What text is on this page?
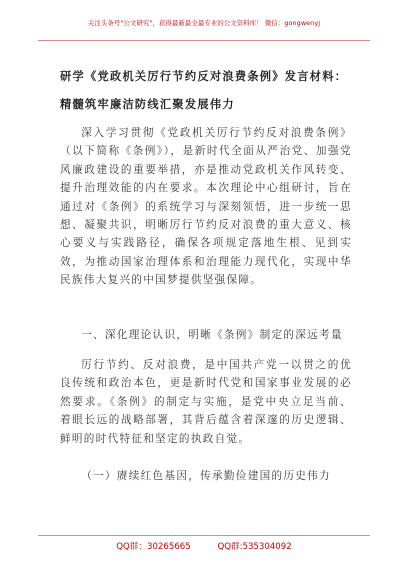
关注头条号"公文研究"，获得最新最全最专业的公文资料库！ 微信：gongwenyj
研学《党政机关厉行节约反对浪费条例》发言材料：精髓筑牢廉洁防线汇聚发展伟力
深入学习贯彻《党政机关厉行节约反对浪费条例》（以下简称《条例》），是新时代全面从严治党、加强党风廉政建设的重要举措，亦是推动党政机关作风转变、提升治理效能的内在要求。本次理论中心组研讨，旨在通过对《条例》的系统学习与深刻领悟，进一步统一思想、凝聚共识，明晰厉行节约反对浪费的重大意义、核心要义与实践路径，确保各项规定落地生根、见到实效，为推动国家治理体系和治理能力现代化，实现中华民族伟大复兴的中国梦提供坚强保障。
一、深化理论认识，明晰《条例》制定的深远考量
厉行节约、反对浪费，是中国共产党一以贯之的优良传统和政治本色，更是新时代党和国家事业发展的必然要求。《条例》的制定与实施，是党中央立足当前、着眼长远的战略部署，其背后蕴含着深邃的历史逻辑、鲜明的时代特征和坚定的执政自觉。
（一）赓续红色基因，传承勤俭建国的历史伟力
QQ群：30265665	QQ群:535304092
